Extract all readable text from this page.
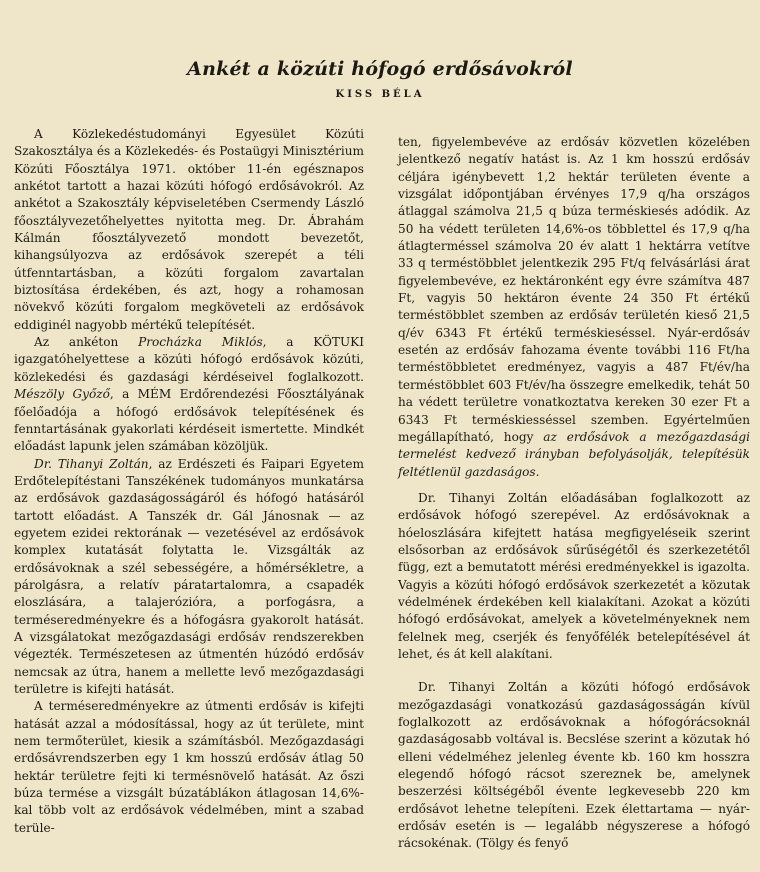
Ankét a közúti hófogó erdősávokról
KISS BÉLA

A Közlekedéstudományi Egyesület Közúti Szakosztálya és a Közlekedés- és Postaügyi Minisztérium Közúti Főosztálya 1971. október 11-én egésznapos ankétot tartott a hazai közúti hófogó erdősávokról. Az ankétot a Szakosztály képviseletében Csermendy László főosztályvezetőhelyettes nyitotta meg. Dr. Ábrahám Kálmán főosztályvezető mondott bevezetőt, kihangsúlyozva az erdősávok szerepét a téli útfenntartásban, a közúti forgalom zavartalan biztosítása érdekében, és azt, hogy a rohamosan növekvő közúti forgalom megköveteli az erdősávok eddiginél nagyobb mértékű telepítését.

Az ankéton Procházka Miklós, a KÖTUKI igazgatóhelyettese a közúti hófogó erdősávok közúti, közlekedési és gazdasági kérdéseivel foglalkozott. Mészöly Győző, a MÉM Erdőrendezési Főosztályának főelőadója a hófogó erdősávok telepítésének és fenntartásának gyakorlati kérdéseit ismertette. Mindkét előadást lapunk jelen számában közöljük.

Dr. Tihanyi Zoltán, az Erdészeti és Faipari Egyetem Erdőtelepítéstani Tanszékének tudományos munkatársa az erdősávok gazdaságosságáról és hófogó hatásáról tartott előadást. A Tanszék dr. Gál Jánosnak — az egyetem ezidei rektorának — vezetésével az erdősávok komplex kutatását folytatta le. Vizsgálták az erdősávoknak a szél sebességére, a hőmérsékletre, a párolgásra, a relatív páratartalomra, a csapadék eloszlására, a talajerózióra, a porfogásra, a terméseredményekre és a hófogásra gyakorolt hatását. A vizsgálatokat mezőgazdasági erdősáv rendszerekben végezték. Természetesen az útmentén húzódó erdősáv nemcsak az útra, hanem a mellette levő mezőgazdasági területre is kifejti hatását.

A terméseredményekre az útmenti erdősáv is kifejti hatását azzal a módosítással, hogy az út területe, mint nem termőterület, kiesik a számításból. Mezőgazdasági erdősávrendszerben egy 1 km hosszú erdősáv átlag 50 hektár területre fejti ki termésnövelő hatását. Az őszi búza termése a vizsgált búzatáblákon átlagosan 14,6%-kal több volt az erdősávok védelmében, mint a szabad terüle-

ten, figyelembevéve az erdősáv közvetlen közelében jelentkező negatív hatást is. Az 1 km hosszú erdősáv céljára igénybevett 1,2 hektár területen évente a vizsgálat időpontjában érvényes 17,9 q/ha országos átlaggal számolva 21,5 q búza terméskiesés adódik. Az 50 ha védett területen 14,6%-os többlettel és 17,9 q/ha átlagterméssel számolva 20 év alatt 1 hektárra vetítve 33 q terméstöbblet jelentkezik 295 Ft/q felvásárlási árat figyelembevéve, ez hektáronként egy évre számítva 487 Ft, vagyis 50 hektáron évente 24 350 Ft értékű terméstöbblet szemben az erdősáv területén kieső 21,5 q/év 6343 Ft értékű terméskieséssel. Nyár-erdősáv esetén az erdősáv fahozama évente további 116 Ft/ha terméstöbbletet eredményez, vagyis a 487 Ft/év/ha terméstöbblet 603 Ft/év/ha összegre emelkedik, tehát 50 ha védett területre vonatkoztatva kereken 30 ezer Ft a 6343 Ft terméskiesséssel szemben. Egyértelműen megállapítható, hogy az erdősávok a mezőgazdasági termelést kedvező irányban befolyásolják, telepítésük feltétlenül gazdaságos.

Dr. Tihanyi Zoltán előadásában foglalkozott az erdősávok hófogó szerepével. Az erdősávoknak a hóeloszlására kifejtett hatása megfigyeléseik szerint elsősorban az erdősávok sűrűségétől és szerkezetétől függ, ezt a bemutatott mérési eredményekkel is igazolta. Vagyis a közúti hófogó erdősávok szerkezetét a közutak védelmének érdekében kell kialakítani. Azokat a közúti hófogó erdősávokat, amelyek a követelményeknek nem felelnek meg, cserjék és fenyőfélék betelepítésével át lehet, és át kell alakítani.

Dr. Tihanyi Zoltán a közúti hófogó erdősávok mezőgazdasági vonatkozású gazdaságosságán kívül foglalkozott az erdősávoknak a hófogórácsoknál gazdaságosabb voltával is. Becslése szerint a közutak hó elleni védelméhez jelenleg évente kb. 160 km hosszra elegendő hófogó rácsot szereznek be, amelynek beszerzési költségéből évente legkevesebb 220 km erdősávot lehetne telepíteni. Ezek élettartama — nyár-erdősáv esetén is — legalább négyszerese a hófogó rácsokénak. (Tölgy és fenyő
